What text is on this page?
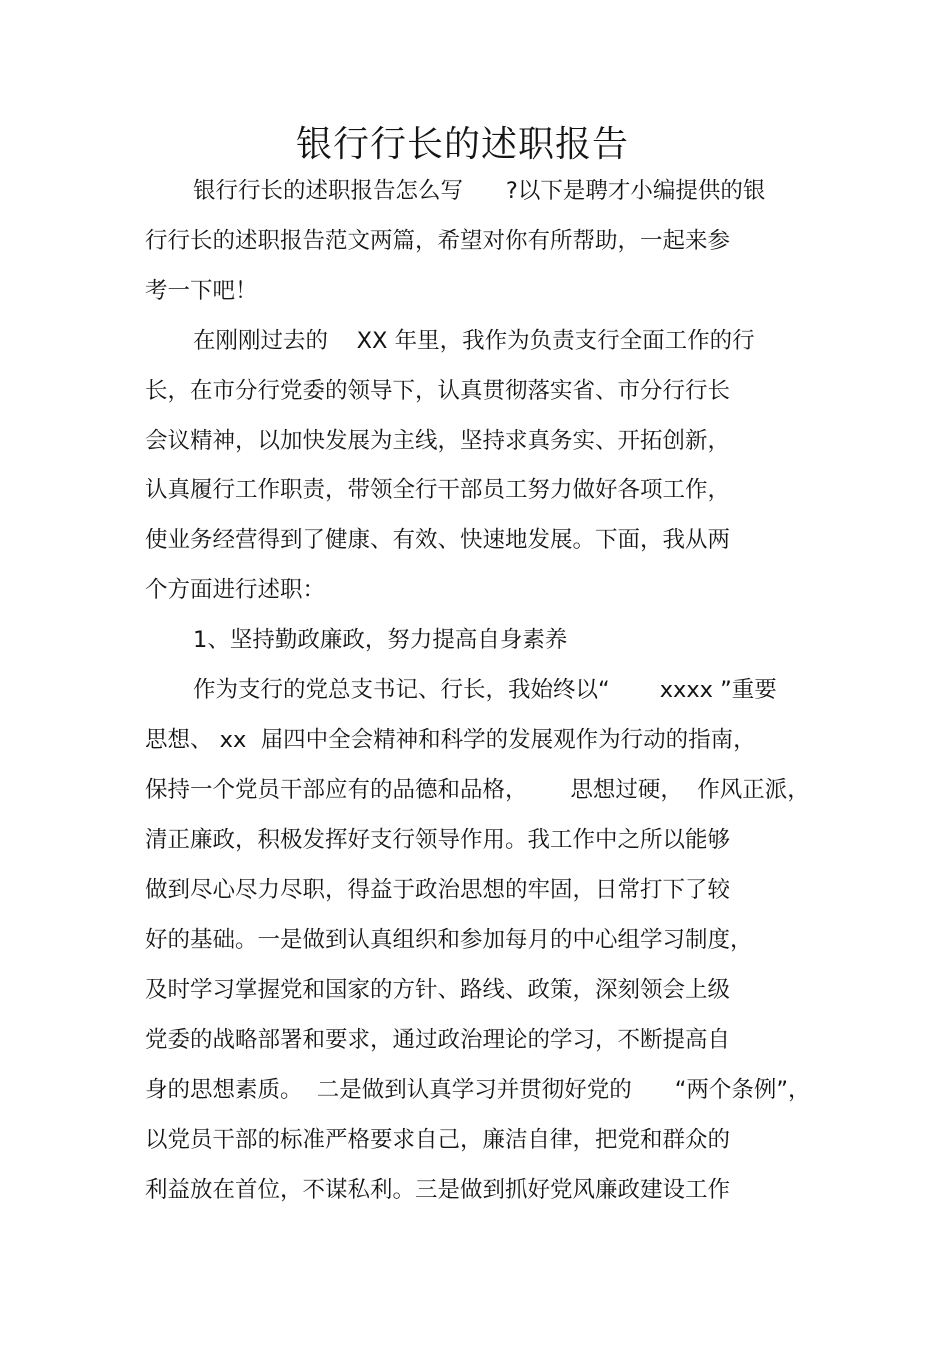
银行行长的述职报告
银行行长的述职报告怎么写      ?以下是聘才小编提供的银
行行长的述职报告范文两篇，希望对你有所帮助，一起来参
考一下吧！
在刚刚过去的    XX 年里，我作为负责支行全面工作的行
长，在市分行党委的领导下，认真贯彻落实省、市分行行长
会议精神，以加快发展为主线，坚持求真务实、开拓创新，
认真履行工作职责，带领全行干部员工努力做好各项工作，
使业务经营得到了健康、有效、快速地发展。下面，我从两
个方面进行述职：
1、坚持勤政廉政，努力提高自身素养
作为支行的党总支书记、行长，我始终以“       xxxx ”重要
思想、 xx  届四中全会精神和科学的发展观作为行动的指南，
保持一个党员干部应有的品德和品格，      思想过硬，  作风正派，
清正廉政，积极发挥好支行领导作用。我工作中之所以能够
做到尽心尽力尽职，得益于政治思想的牢固，日常打下了较
好的基础。一是做到认真组织和参加每月的中心组学习制度，
及时学习掌握党和国家的方针、路线、政策，深刻领会上级
党委的战略部署和要求，通过政治理论的学习，不断提高自
身的思想素质。  二是做到认真学习并贯彻好党的      “两个条例”，
以党员干部的标准严格要求自己，廉洁自律，把党和群众的
利益放在首位，不谋私利。三是做到抓好党风廉政建设工作
